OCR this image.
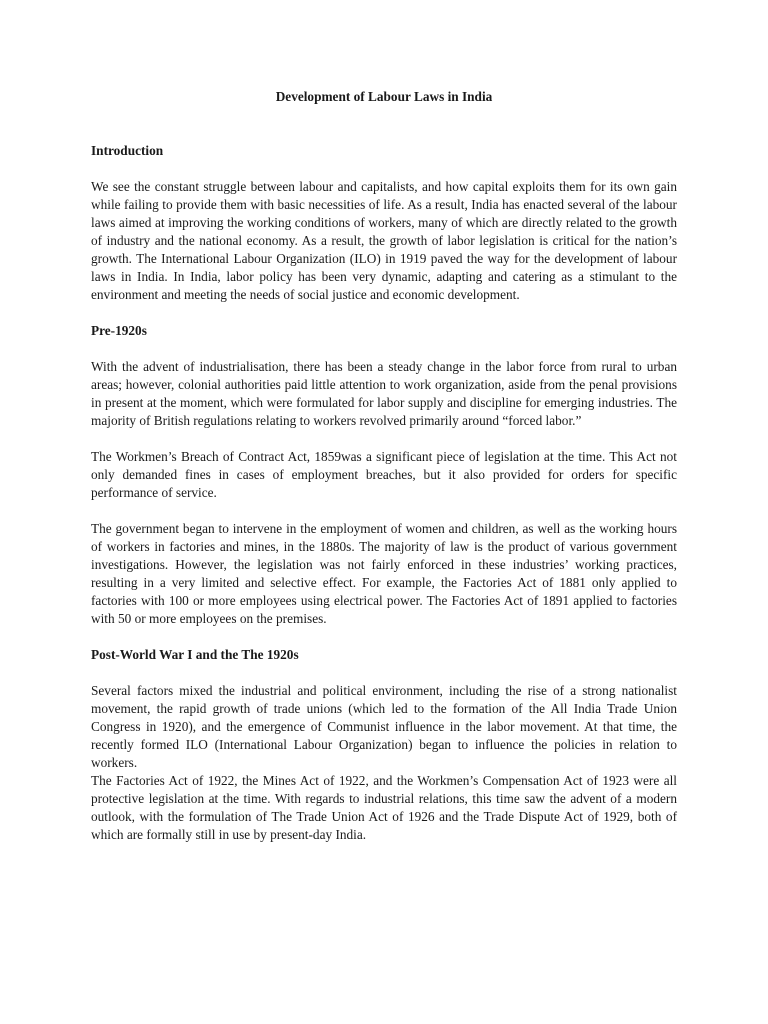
Development of Labour Laws in India
Introduction

We see the constant struggle between labour and capitalists, and how capital exploits them for its own gain while failing to provide them with basic necessities of life. As a result, India has enacted several of the labour laws aimed at improving the working conditions of workers, many of which are directly related to the growth of industry and the national economy. As a result, the growth of labor legislation is critical for the nation’s growth. The International Labour Organization (ILO) in 1919 paved the way for the development of labour laws in India. In India, labor policy has been very dynamic, adapting and catering as a stimulant to the environment and meeting the needs of social justice and economic development.

Pre-1920s

With the advent of industrialisation, there has been a steady change in the labor force from rural to urban areas; however, colonial authorities paid little attention to work organization, aside from the penal provisions in present at the moment, which were formulated for labor supply and discipline for emerging industries. The majority of British regulations relating to workers revolved primarily around “forced labor.”

The Workmen’s Breach of Contract Act, 1859was a significant piece of legislation at the time. This Act not only demanded fines in cases of employment breaches, but it also provided for orders for specific performance of service.

The government began to intervene in the employment of women and children, as well as the working hours of workers in factories and mines, in the 1880s. The majority of law is the product of various government investigations. However, the legislation was not fairly enforced in these industries’ working practices, resulting in a very limited and selective effect. For example, the Factories Act of 1881 only applied to factories with 100 or more employees using electrical power. The Factories Act of 1891 applied to factories with 50 or more employees on the premises.

Post-World War I and the The 1920s

Several factors mixed the industrial and political environment, including the rise of a strong nationalist movement, the rapid growth of trade unions (which led to the formation of the All India Trade Union Congress in 1920), and the emergence of Communist influence in the labor movement. At that time, the recently formed ILO (International Labour Organization) began to influence the policies in relation to workers.

The Factories Act of 1922, the Mines Act of 1922, and the Workmen’s Compensation Act of 1923 were all protective legislation at the time. With regards to industrial relations, this time saw the advent of a modern outlook, with the formulation of The Trade Union Act of 1926 and the Trade Dispute Act of 1929, both of which are formally still in use by present-day India.
